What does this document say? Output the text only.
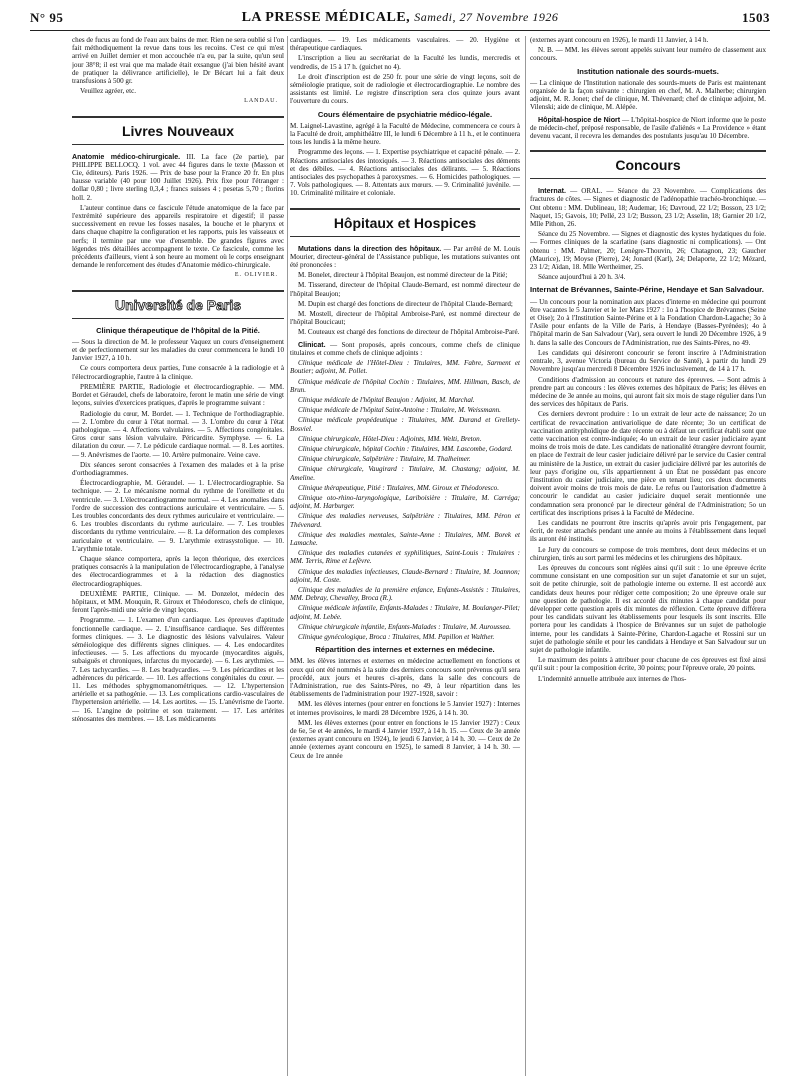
N° 95	LA PRESSE MÉDICALE, Samedi, 27 Novembre 1926	1503

ches de fucus au fond de l'eau aux bains de mer. Rien ne sera oublié si l'on fait méthodiquement la revue dans tous les recoins. C'est ce qui m'est arrivé en Juillet dernier et mon accouchée n'a eu, par la suite, qu'un seul jour 38°8; il est vrai que ma malade était exsangue (j'ai bien hésité avant de pratiquer la délivrance artificielle), le Dr Bécart lui a fait deux transfusions à 500 gr.

Veuillez agréer, etc.

LANDAU.
Livres Nouveaux

Anatomie médico-chirurgicale. III. La face (2e partie), par PHILIPPE BELLOCQ. 1 vol. avec 44 figures dans le texte (Masson et Cie, éditeurs). Paris 1926. — Prix de base pour la France 20 fr. En plus hausse variable (40 pour 100 Juillet 1926). Prix fixe pour l'étranger : dollar 0,80 ; livre sterling 0,3,4 ; francs suisses 4 ; pesetas 5,70 ; florins holl. 2.

L'auteur continue dans ce fascicule l'étude anatomique de la face par l'extrémité supérieure des appareils respiratoire et digestif; il passe successivement en revue les fosses nasales, la bouche et le pharynx et dans chaque chapitre la configuration et les rapports, puis les vaisseaux et nerfs; il termine par une vue d'ensemble. De grandes figures avec légendes très détaillées accompagnent le texte. Ce fascicule, comme les précédents d'ailleurs, vient à son heure au moment où le corps enseignant demande le renforcement des études d'Anatomie médico-chirurgicale.

E. OLIVIER.
Université de Paris
Clinique thérapeutique de l'hôpital de la Pitié.

— Sous la direction de M. le professeur Vaquez un cours d'enseignement et de perfectionnement sur les maladies du cœur commencera le lundi 10 Janvier 1927, à 10 h.

Ce cours comportera deux parties, l'une consacrée à la radiologie et à l'électrocardiographie, l'autre à la clinique.

PREMIÈRE PARTIE, Radiologie et électrocardiographie. — MM. Bordet et Géraudel, chefs de laboratoire, feront le matin une série de vingt leçons, suivies d'exercices pratiques, d'après le programme suivant :

Radiologie du cœur, M. Bordet. — 1. Technique de l'orthodiagraphie. — 2. L'ombre du cœur à l'état normal. — 3. L'ombre du cœur à l'état pathologique. — 4. Affections valvulaires. — 5. Affections congénitales. Gros cœur sans lésion valvulaire. Péricardite. Symphyse. — 6. La dilatation du cœur. — 7. Le pédicule cardiaque normal. — 8. Les aortites. — 9. Anévrismes de l'aorte. — 10. Artère pulmonaire. Veine cave.

Dix séances seront consacrées à l'examen des malades et à la prise d'orthodiagrammes.

Électrocardiographie, M. Géraudel. — 1. L'électrocardiographie. Sa technique. — 2. Le mécanisme normal du rythme de l'oreillette et du ventricule. — 3. L'électrocardiogramme normal. — 4. Les anomalies dans l'ordre de succession des contractions auriculaire et ventriculaire. — 5. Les troubles concordants des deux rythmes auriculaire et ventriculaire. — 6. Les troubles discordants du rythme auriculaire. — 7. Les troubles discordants du rythme ventriculaire. — 8. La déformation des complexes auriculaire et ventriculaire. — 9. L'arythmie extrasystolique. — 10. L'arythmie totale.

Chaque séance comportera, après la leçon théorique, des exercices pratiques consacrés à la manipulation de l'électrocardiographe, à l'analyse des électrocardiogrammes et à la rédaction des diagnostics électrocardiographiques.

DEUXIÈME PARTIE, Clinique. — M. Donzelot, médecin des hôpitaux, et MM. Mouquin, R. Giroux et Théodoresco, chefs de clinique, feront l'après-midi une série de vingt leçons.

Programme. — 1. L'examen d'un cardiaque. Les épreuves d'aptitude fonctionnelle cardiaque. — 2. L'insuffisance cardiaque. Ses différentes formes cliniques. — 3. Le diagnostic des lésions valvulaires. Valeur séméiologique des différents signes cliniques. — 4. Les endocardites infectieuses. — 5. Les affections du myocarde (myocardites aiguës, subaiguës et chroniques, infarctus du myocarde). — 6. Les arythmies. — 7. Les tachycardies. — 8. Les bradycardies. — 9. Les péricardites et les adhérences du péricarde. — 10. Les affections congénitales du cœur. — 11. Les méthodes sphygmomanométriques. — 12. L'hypertension artérielle et sa pathogénie. — 13. Les complications cardio-vasculaires de l'hypertension artérielle. — 14. Les aortites. — 15. L'anévrisme de l'aorte. — 16. L'angine de poitrine et son traitement. — 17. Les artérites sténosantes des membres. — 18. Les médicaments

cardiaques. — 19. Les médicaments vasculaires. — 20. Hygiène et thérapeutique cardiaques.

L'inscription a lieu au secrétariat de la Faculté les lundis, mercredis et vendredis, de 15 à 17 h. (guichet no 4).

Le droit d'inscription est de 250 fr. pour une série de vingt leçons, soit de séméiologie pratique, soit de radiologie et électrocardiographie. Le nombre des assistants est limité. Le registre d'inscription sera clos quinze jours avant l'ouverture du cours.

Cours élémentaire de psychiatrie médico-légale.

M. Laignel-Lavastine, agrégé à la Faculté de Médecine, commencera ce cours à la Faculté de droit, amphithéâtre III, le lundi 6 Décembre à 11 h., et le continuera tous les lundis à la même heure.

Programme des leçons. — 1. Expertise psychiatrique et capacité pénale. — 2. Réactions antisociales des intoxiqués. — 3. Réactions antisociales des déments et des débiles. — 4. Réactions antisociales des délirants. — 5. Réactions antisociales des psychopathes à paroxysmes. — 6. Homicides pathologiques. — 7. Vols pathologiques. — 8. Attentats aux mœurs. — 9. Criminalité juvénile. — 10. Criminalité militaire et coloniale.

Hôpitaux et Hospices

Mutations dans la direction des hôpitaux. — Par arrêté de M. Louis Mourier, directeur-général de l'Assistance publique, les mutations suivantes ont été prononcées :

M. Bonelet, directeur à l'hôpital Beaujon, est nommé directeur de la Pitié;

M. Tisserand, directeur de l'hôpital Claude-Bernard, est nommé directeur de l'hôpital Beaujon;

M. Dupin est chargé des fonctions de directeur de l'hôpital Claude-Bernard;

M. Mostell, directeur de l'hôpital Ambroise-Paré, est nommé directeur de l'hôpital Boucicaut;

M. Couteaux est chargé des fonctions de directeur de l'hôpital Ambroise-Paré.

Clinicat. — Sont proposés, après concours, comme chefs de clinique titulaires et comme chefs de clinique adjoints :

Clinique médicale de l'Hôtel-Dieu : Titulaires, MM. Fabre, Sarment et Boutier; adjoint, M. Pollet.

Clinique médicale de l'hôpital Cochin : Titulaires, MM. Hillman, Basch, de Brun.

Clinique médicale de l'hôpital Beaujon : Adjoint, M. Marchal.

Clinique médicale de l'hôpital Saint-Antoine : Titulaire, M. Weissmann.

Clinique médicale propédeutique : Titulaires, MM. Durand et Grellety-Bosviel.

Clinique chirurgicale, Hôtel-Dieu : Adjoints, MM. Welti, Breton.

Clinique chirurgicale, hôpital Cochin : Titulaires, MM. Lascombe, Godard.

Clinique chirurgicale, Salpêtrière : Titulaire, M. Thalheimer.

Clinique chirurgicale, Vaugirard : Titulaire, M. Chastang; adjoint, M. Ameline.

Clinique thérapeutique, Pitié : Titulaires, MM. Giroux et Théodoresco.

Clinique oto-rhino-laryngologique, Lariboisière : Titulaire, M. Carréga; adjoint, M. Harburger.

Clinique des maladies nerveuses, Salpêtrière : Titulaires, MM. Péron et Thévenard.

Clinique des maladies mentales, Sainte-Anne : Titulaires, MM. Borek et Lamache.

Clinique des maladies cutanées et syphilitiques, Saint-Louis : Titulaires : MM. Terris, Rime et Lefèvre.

Clinique des maladies infectieuses, Claude-Bernard : Titulaire, M. Joannon; adjoint, M. Coste.

Clinique des maladies de la première enfance, Enfants-Assistés : Titulaires, MM. Debray, Chevalley, Broca (R.).

Clinique médicale infantile, Enfants-Malades : Titulaire, M. Boulanger-Pilet; adjoint, M. Lebée.

Clinique chirurgicale infantile, Enfants-Malades : Titulaire, M. Auroussea.

Clinique gynécologique, Broca : Titulaires, MM. Papillon et Walther.

Répartition des internes et externes en médecine.

MM. les élèves internes et externes en médecine actuellement en fonctions et ceux qui ont été nommés à la suite des derniers concours sont prévenus qu'il sera procédé, aux jours et heures ci-après, dans la salle des concours de l'Administration, rue des Saints-Pères, no 49, à leur répartition dans les établissements de l'administration pour 1927-1928, savoir :

MM. les élèves internes (pour entrer en fonctions le 5 Janvier 1927) : Internes et internes provisoires, le mardi 28 Décembre 1926, à 14 h. 30.

MM. les élèves externes (pour entrer en fonctions le 15 Janvier 1927) : Ceux de 6e, 5e et 4e années, le mardi 4 Janvier 1927, à 14 h. 15. — Ceux de 3e année (externes ayant concouru en 1924), le jeudi 6 Janvier, à 14 h. 30. — Ceux de 2e année (externes ayant concouru en 1925), le samedi 8 Janvier, à 14 h. 30. — Ceux de 1re année

(externes ayant concouru en 1926), le mardi 11 Janvier, à 14 h.

N. B. — MM. les élèves seront appelés suivant leur numéro de classement aux concours.

Institution nationale des sourds-muets.

— La clinique de l'Institution nationale des sourds-muets de Paris est maintenant organisée de la façon suivante : chirurgien en chef, M. A. Malherbe; chirurgien adjoint, M. R. Jonet; chef de clinique, M. Thévenard; chef de clinique adjoint, M. Vilenski; aide de clinique, M. Alépée.

Hôpital-hospice de Niort — L'hôpital-hospice de Niort informe que le poste de médecin-chef, préposé responsable, de l'asile d'aliénés « La Providence » étant devenu vacant, il recevra les demandes des postulants jusqu'au 10 Décembre.

Concours

Internat. — ORAL. — Séance du 23 Novembre. — Complications des fractures de côtes. — Signes et diagnostic de l'adénopathie trachéo-bronchique. — Ont obtenu : MM. Dublineau, 18; Audemar, 16; Davroud, 22 1/2; Bosson, 23 1/2; Naquet, 15; Gavois, 10; Pellé, 23 1/2; Busson, 23 1/2; Asselin, 18; Garnier 20 1/2, Mlle Pithon, 26.

Séance du 25 Novembre. — Signes et diagnostic des kystes hydatiques du foie. — Formes cliniques de la scarlatine (sans diagnostic ni complications). — Ont obtenu : MM. Palmer, 20; Lenègre-Thouvin, 26; Chatagnon, 23; Gaucher (Maurice), 19; Moyse (Pierre), 24; Jonard (Karl), 24; Delaporte, 22 1/2; Mézard, 23 1/2; Aïdan, 18. Mlle Wertheimer, 25.

Séance aujourd'hui à 20 h. 3/4.

Internat de Brévannes, Sainte-Périne, Hendaye et San Salvadour.

— Un concours pour la nomination aux places d'interne en médecine qui pourront être vacantes le 5 Janvier et le 1er Mars 1927 : 1o à l'hospice de Brévannes (Seine et Oise); 2o à l'Institution Sainte-Périne et à la Fondation Chardon-Lagache; 3o à l'Asile pour enfants de la Ville de Paris, à Hendaye (Basses-Pyrénées); 4o à l'hôpital marin de San Salvadour (Var), sera ouvert le lundi 20 Décembre 1926, à 9 h. dans la salle des Concours de l'Administration, rue des Saints-Pères, no 49.

Les candidats qui désireront concourir se feront inscrire à l'Administration centrale, 3, avenue Victoria (bureau du Service de Santé), à partir du lundi 29 Novembre jusqu'au mercredi 8 Décembre 1926 inclusivement, de 14 à 17 h.

Conditions d'admission au concours et nature des épreuves. — Sont admis à prendre part au concours : les élèves externes des hôpitaux de Paris; les élèves en médecine de 3e année au moins, qui auront fait six mois de stage régulier dans l'un des services des hôpitaux de Paris.

Ces derniers devront produire : 1o un extrait de leur acte de naissance; 2o un certificat de revaccination antivariolique de date récente; 3o un certificat de vaccination antityphoïdique de date récente ou à défaut un certificat établi sont que cette vaccination est contre-indiquée; 4o un extrait de leur casier judiciaire ayant moins de trois mois de date. Les candidats de nationalité étrangère devront fournir, en place de l'extrait de leur casier judiciaire délivré par le service du Casier central au ministère de la Justice, un extrait du casier judiciaire délivré par les autorités de leur pays d'origine ou, s'ils appartiennent à un État ne possédant pas encore l'institution du casier judiciaire, une pièce en tenant lieu; ces deux documents doivent avoir moins de trois mois de date. Le refus ou l'autorisation d'admettre à concourir le candidat au casier judiciaire duquel serait mentionnée une condamnation sera prononcé par le directeur général de l'Administration; 5o un certificat des inscriptions prises à la Faculté de Médecine.

Les candidats ne pourront être inscrits qu'après avoir pris l'engagement, par écrit, de rester attachés pendant une année au moins à l'établissement dans lequel ils auront été institués.

Le Jury du concours se compose de trois membres, dont deux médecins et un chirurgien, tirés au sort parmi les médecins et les chirurgiens des hôpitaux.

Les épreuves du concours sont réglées ainsi qu'il suit : 1o une épreuve écrite commune consistant en une composition sur un sujet d'anatomie et sur un sujet, soit de petite chirurgie, soit de pathologie interne ou externe. Il est accordé aux candidats deux heures pour rédiger cette composition; 2o une épreuve orale sur une question de pathologie. Il est accordé dix minutes à chaque candidat pour développer cette question après dix minutes de réflexion. Cette épreuve différera pour les candidats suivant les établissements pour lesquels ils sont inscrits. Elle portera pour les candidats à l'hospice de Brévannes sur un sujet de pathologie interne, pour les candidats à Sainte-Périne, Chardon-Lagache et Rossini sur un sujet de pathologie sénile et pour les candidats à Hendaye et San Salvadour sur un sujet de pathologie infantile.

Le maximum des points à attribuer pour chacune de ces épreuves est fixé ainsi qu'il suit : pour la composition écrite, 30 points; pour l'épreuve orale, 20 points.

L'indemnité annuelle attribuée aux internes de l'hos-
